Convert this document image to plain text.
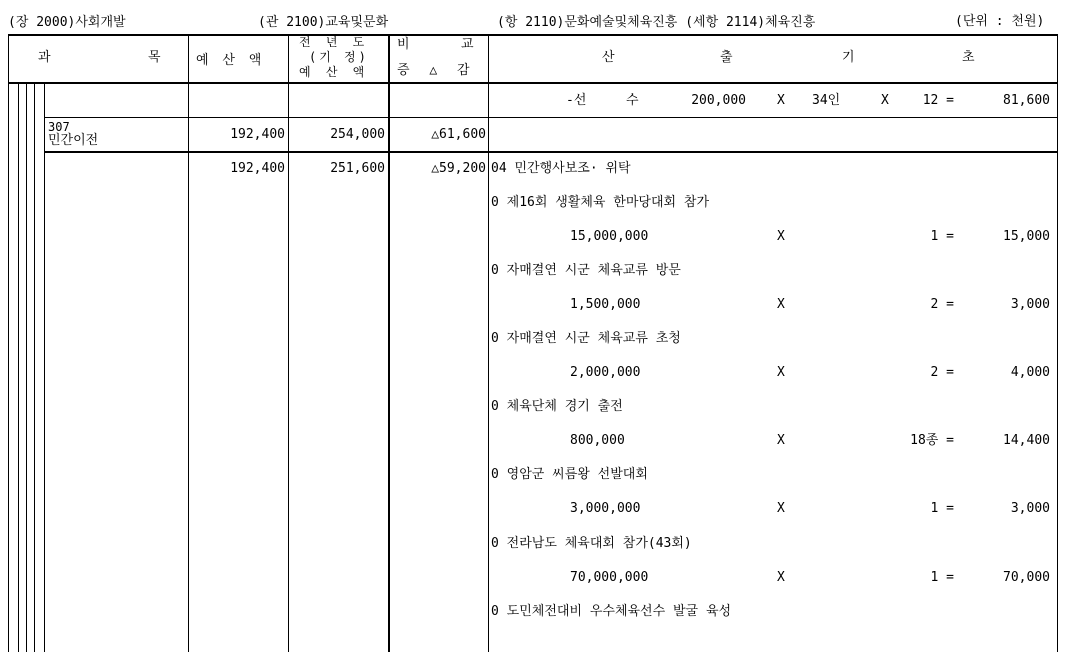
(장 2000)사회개발	(관 2100)교육및문화	(항 2110)문화예술및체육진흥 (세항 2114)체육진흥	(단위 : 천원)
과	목	예 산 액
전 년 도
(기 정)
예 산 액
비	교
증 △ 감
산	출	기	초
-선	수	200,000 X 34인	X	12 =	81,600
307
민간이전	192,400	254,000	△61,600
192,400	251,600	△59,200 04 민간행사보조· 위탁
0 제16회 생활체육 한마당대회 참가
15,000,000	X	1 =	15,000
0 자매결연 시군 체육교류 방문
1,500,000	X	2 =	3,000
0 자매결연 시군 체육교류 초청
2,000,000	X	2 =	4,000
0 체육단체 경기 출전
800,000	X	18종 =	14,400
0 영암군 씨름왕 선발대회
3,000,000	X	1 =	3,000
0 전라남도 체육대회 참가(43회)
70,000,000	X	1 =	70,000
0 도민체전대비 우수체육선수 발굴 육성
